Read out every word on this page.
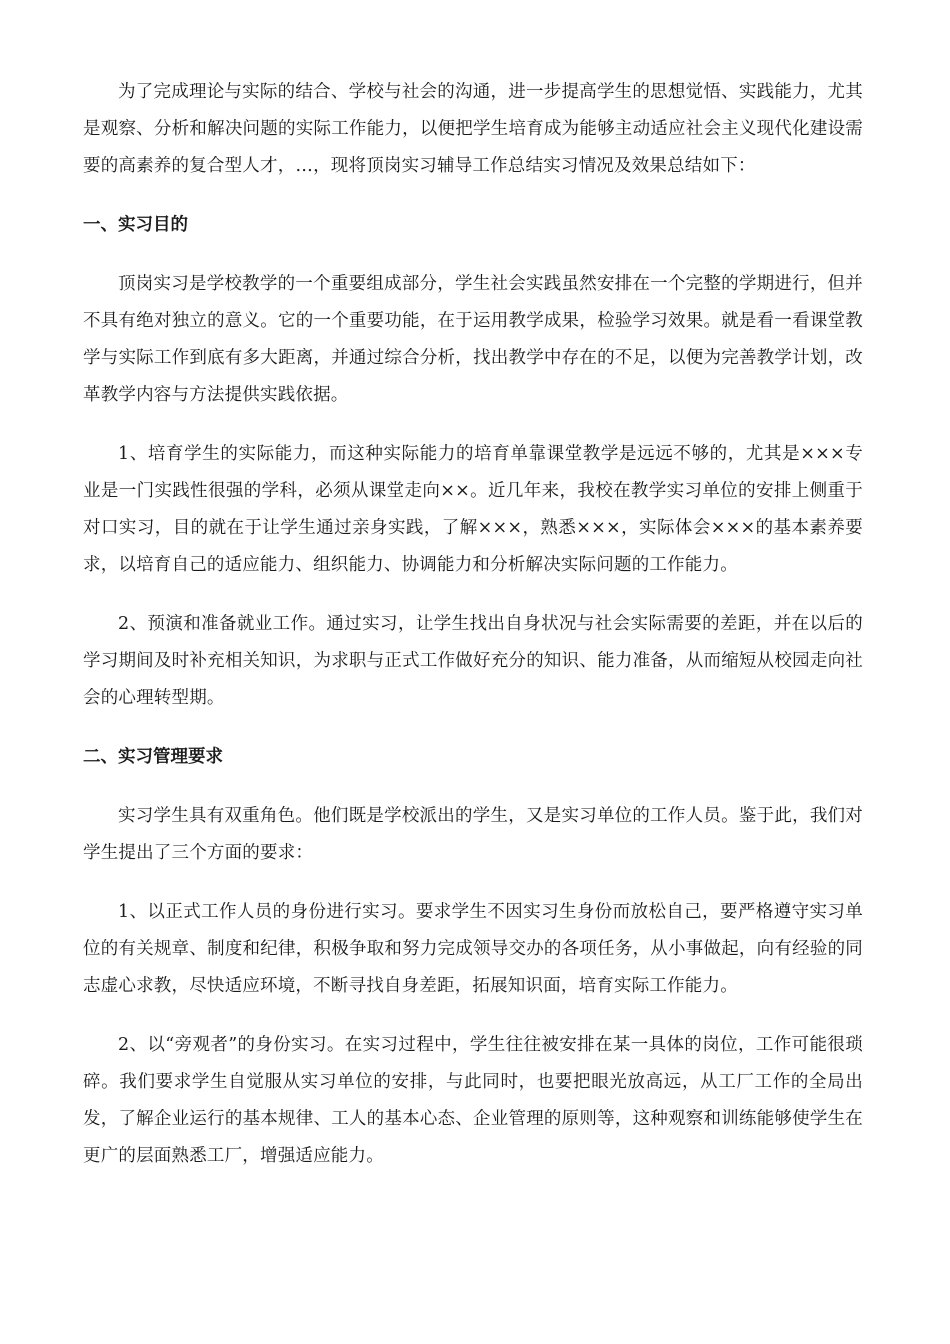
为了完成理论与实际的结合、学校与社会的沟通，进一步提高学生的思想觉悟、实践能力，尤其是观察、分析和解决问题的实际工作能力，以便把学生培育成为能够主动适应社会主义现代化建设需要的高素养的复合型人才，…，现将顶岗实习辅导工作总结实习情况及效果总结如下：

一、实习目的

顶岗实习是学校教学的一个重要组成部分，学生社会实践虽然安排在一个完整的学期进行，但并不具有绝对独立的意义。它的一个重要功能，在于运用教学成果，检验学习效果。就是看一看课堂教学与实际工作到底有多大距离，并通过综合分析，找出教学中存在的不足，以便为完善教学计划，改革教学内容与方法提供实践依据。

1、培育学生的实际能力，而这种实际能力的培育单靠课堂教学是远远不够的，尤其是×××专业是一门实践性很强的学科，必须从课堂走向××。近几年来，我校在教学实习单位的安排上侧重于对口实习，目的就在于让学生通过亲身实践，了解×××，熟悉×××，实际体会×××的基本素养要求，以培育自己的适应能力、组织能力、协调能力和分析解决实际问题的工作能力。

2、预演和准备就业工作。通过实习，让学生找出自身状况与社会实际需要的差距，并在以后的学习期间及时补充相关知识，为求职与正式工作做好充分的知识、能力准备，从而缩短从校园走向社会的心理转型期。

二、实习管理要求

实习学生具有双重角色。他们既是学校派出的学生，又是实习单位的工作人员。鉴于此，我们对学生提出了三个方面的要求：

1、以正式工作人员的身份进行实习。要求学生不因实习生身份而放松自己，要严格遵守实习单位的有关规章、制度和纪律，积极争取和努力完成领导交办的各项任务，从小事做起，向有经验的同志虚心求教，尽快适应环境，不断寻找自身差距，拓展知识面，培育实际工作能力。

2、以“旁观者”的身份实习。在实习过程中，学生往往被安排在某一具体的岗位，工作可能很琐碎。我们要求学生自觉服从实习单位的安排，与此同时，也要把眼光放高远，从工厂工作的全局出发，了解企业运行的基本规律、工人的基本心态、企业管理的原则等，这种观察和训练能够使学生在更广的层面熟悉工厂，增强适应能力。
